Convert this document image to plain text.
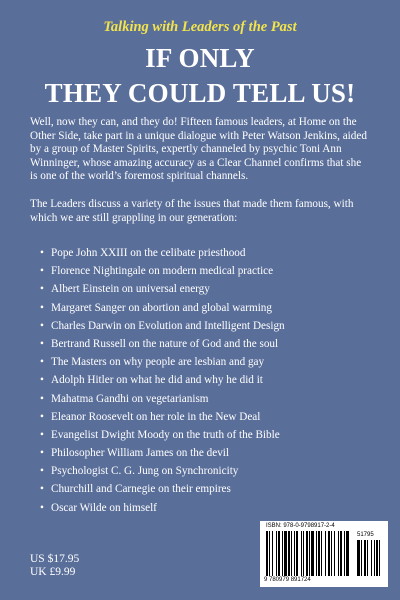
Talking with Leaders of the Past
IF ONLY
THEY COULD TELL US!
Well, now they can, and they do! Fifteen famous leaders, at Home on the Other Side, take part in a unique dialogue with Peter Watson Jenkins, aided by a group of Master Spirits, expertly channeled by psychic Toni Ann Winninger, whose amazing accuracy as a Clear Channel confirms that she is one of the world’s foremost spiritual channels.
The Leaders discuss a variety of the issues that made them famous, with which we are still grappling in our generation:
• Pope John XXIII on the celibate priesthood
• Florence Nightingale on modern medical practice
• Albert Einstein on universal energy
• Margaret Sanger on abortion and global warming
• Charles Darwin on Evolution and Intelligent Design
• Bertrand Russell on the nature of God and the soul
• The Masters on why people are lesbian and gay
• Adolph Hitler on what he did and why he did it
• Mahatma Gandhi on vegetarianism
• Eleanor Roosevelt on her role in the New Deal
• Evangelist Dwight Moody on the truth of the Bible
• Philosopher William James on the devil
• Psychologist C. G. Jung on Synchronicity
• Churchill and Carnegie on their empires
• Oscar Wilde on himself
US $17.95
UK £9.99
ISBN: 978-0-9798917-2-4
51795
9 780979 891724
